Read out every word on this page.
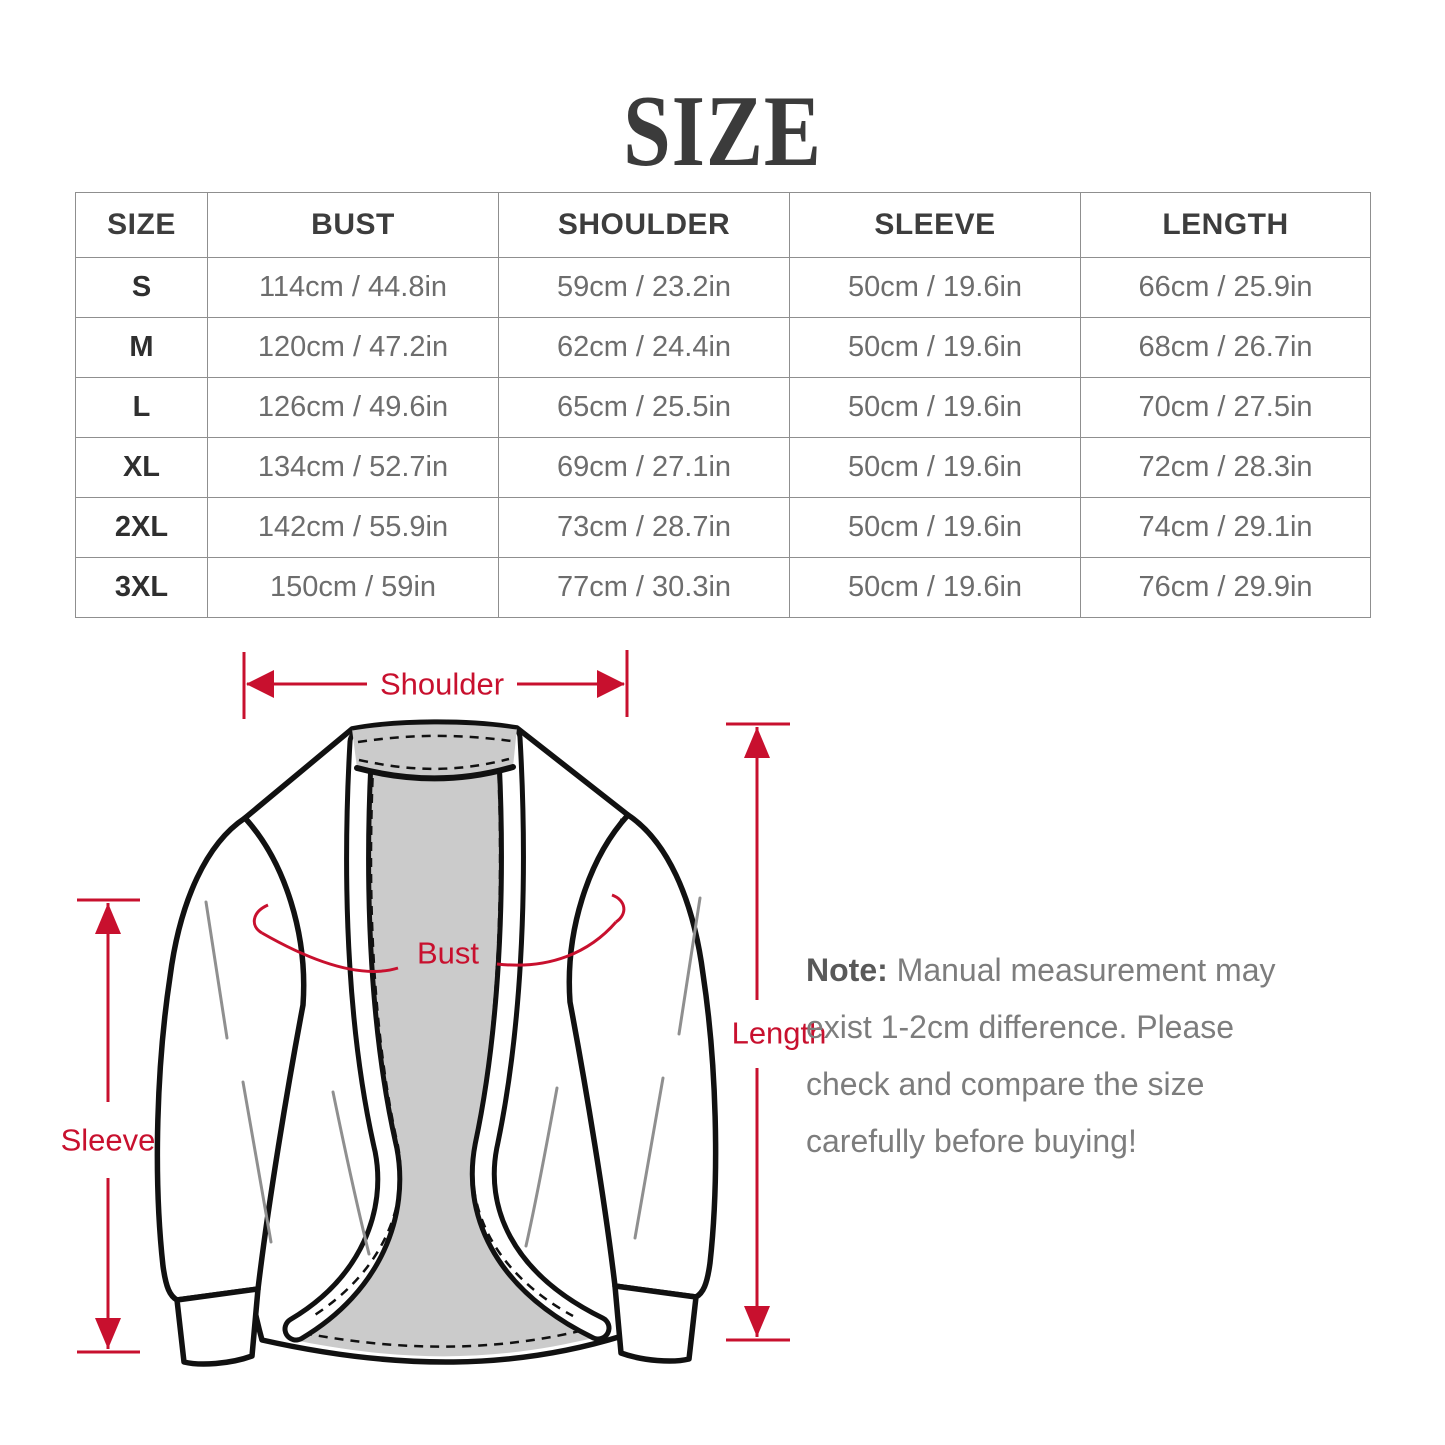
SIZE
SIZE	BUST	SHOULDER	SLEEVE	LENGTH
S	114cm / 44.8in	59cm / 23.2in	50cm / 19.6in	66cm / 25.9in
M	120cm / 47.2in	62cm / 24.4in	50cm / 19.6in	68cm / 26.7in
L	126cm / 49.6in	65cm / 25.5in	50cm / 19.6in	70cm / 27.5in
XL	134cm / 52.7in	69cm / 27.1in	50cm / 19.6in	72cm / 28.3in
2XL	142cm / 55.9in	73cm / 28.7in	50cm / 19.6in	74cm / 29.1in
3XL	150cm / 59in	77cm / 30.3in	50cm / 19.6in	76cm / 29.9in
Shoulder
Bust
Length
Sleeve
Note: Manual measurement may
exist 1-2cm difference. Please
check and compare the size
carefully before buying!
